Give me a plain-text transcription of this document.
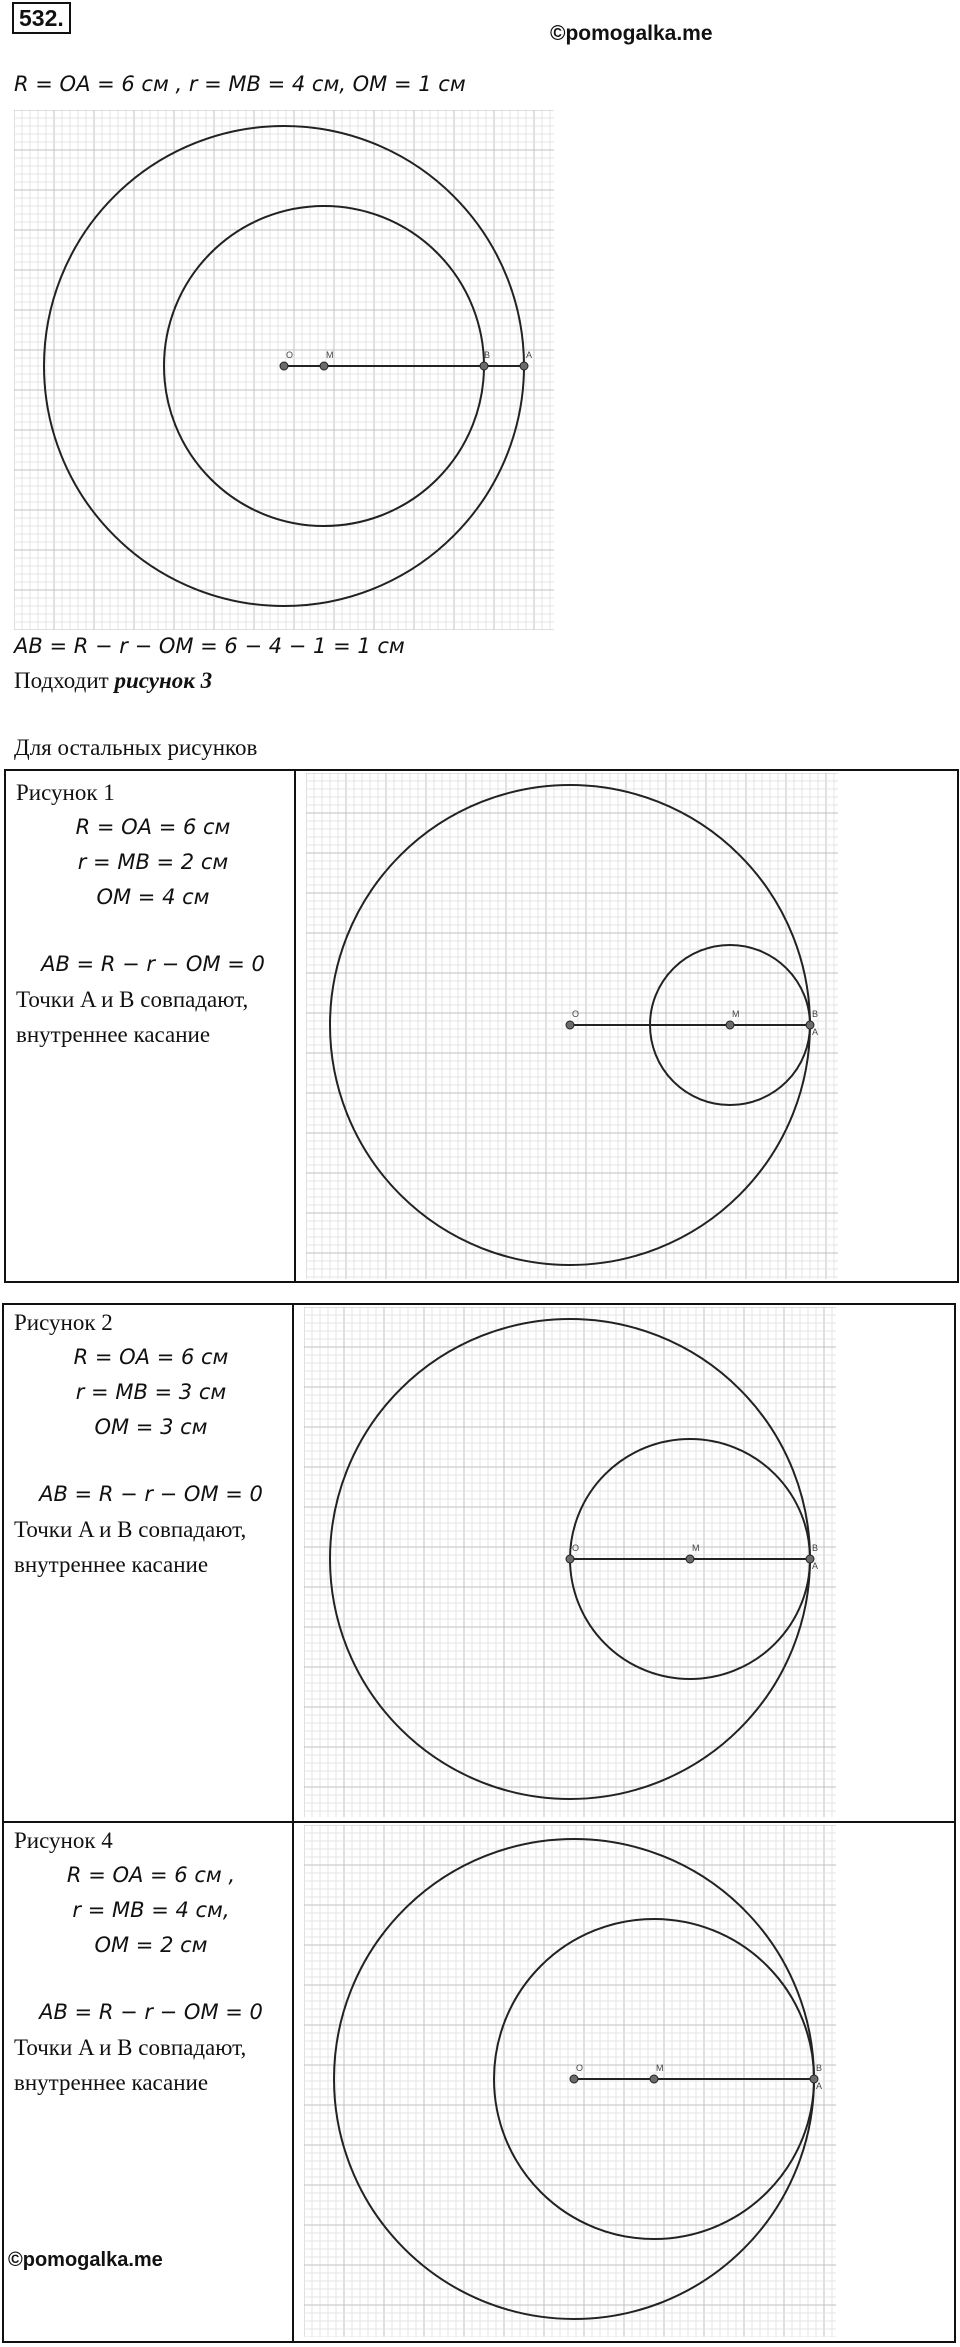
532.
©pomogalka.me
R = OA = 6 см , r = MB = 4 см, OM = 1 см
O	M	B	A
AB = R − r − OM = 6 − 4 − 1 = 1 см
Подходит рисунок 3
Для остальных рисунков
Рисунок 1
R = OA = 6 см
r = MB = 2 см
OM = 4 см
AB = R − r − OM = 0
Точки A и B совпадают,
внутреннее касание
O	M	B
A
Рисунок 2
R = OA = 6 см
r = MB = 3 см
OM = 3 см
AB = R − r − OM = 0
Точки A и B совпадают,
внутреннее касание
O	M	B
A
Рисунок 4
R = OA = 6 см ,
r = MB = 4 см,
OM = 2 см
AB = R − r − OM = 0
Точки A и B совпадают,
внутреннее касание
©pomogalka.me
O	M	B
A
